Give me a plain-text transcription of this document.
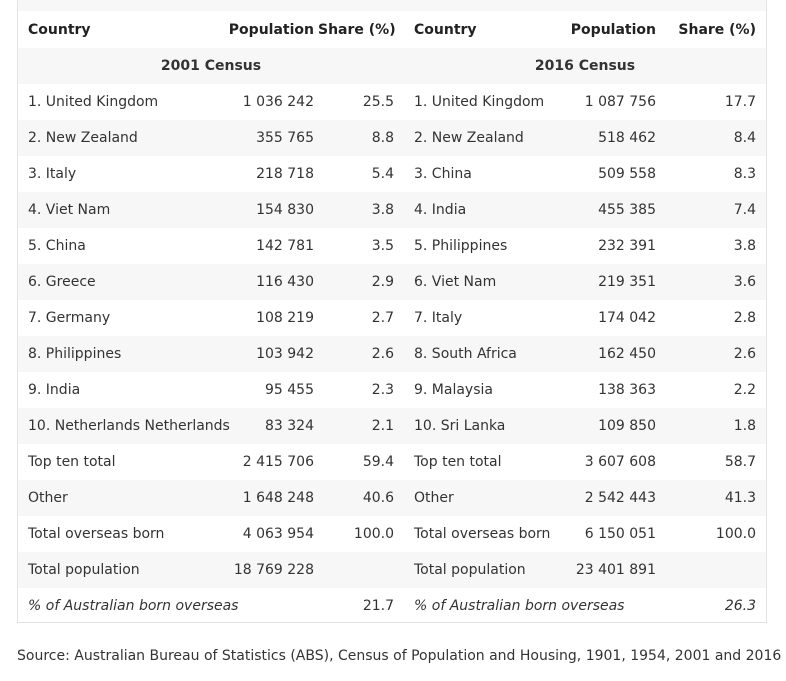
Country	Population	Share (%)	Country	Population	Share (%)
2001 Census			2016 Census		
1. United Kingdom	1 036 242	25.5	1. United Kingdom	1 087 756	17.7
2. New Zealand	355 765	8.8	2. New Zealand	518 462	8.4
3. Italy	218 718	5.4	3. China	509 558	8.3
4. Viet Nam	154 830	3.8	4. India	455 385	7.4
5. China	142 781	3.5	5. Philippines	232 391	3.8
6. Greece	116 430	2.9	6. Viet Nam	219 351	3.6
7. Germany	108 219	2.7	7. Italy	174 042	2.8
8. Philippines	103 942	2.6	8. South Africa	162 450	2.6
9. India	95 455	2.3	9. Malaysia	138 363	2.2
10. Netherlands Netherlands	83 324	2.1	10. Sri Lanka	109 850	1.8
Top ten total	2 415 706	59.4	Top ten total	3 607 608	58.7
Other	1 648 248	40.6	Other	2 542 443	41.3
Total overseas born	4 063 954	100.0	Total overseas born	6 150 051	100.0
Total population	18 769 228		Total population	23 401 891	
% of Australian born overseas		21.7	% of Australian born overseas		26.3
Source: Australian Bureau of Statistics (ABS), Census of Population and Housing, 1901, 1954, 2001 and 2016
